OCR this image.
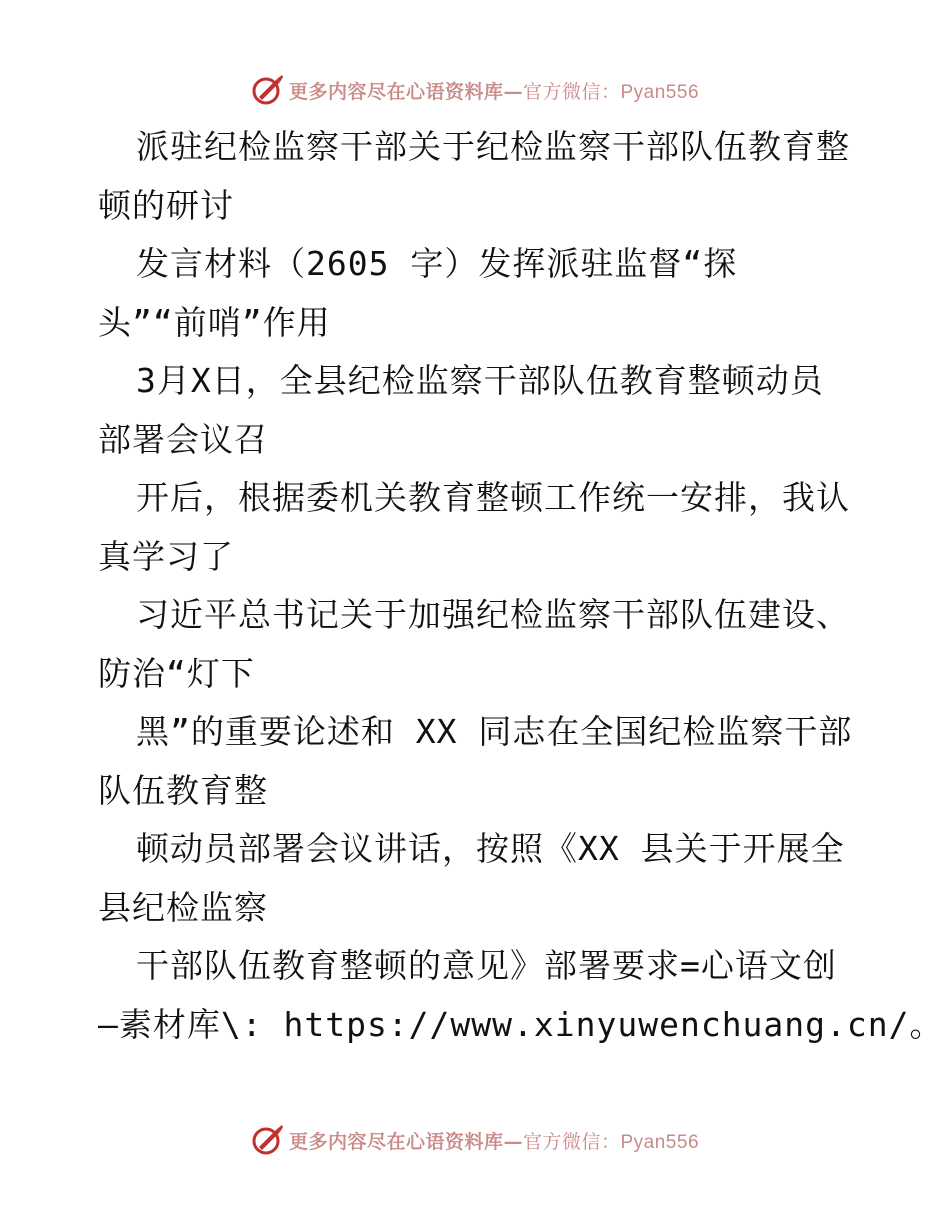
更多内容尽在心语资料库—官方微信：Pyan556
派驻纪检监察干部关于纪检监察干部队伍教育整
顿的研讨
发言材料（2605 字）发挥派驻监督“探
头”“前哨”作用
3月X日，全县纪检监察干部队伍教育整顿动员
部署会议召
开后，根据委机关教育整顿工作统一安排，我认
真学习了
习近平总书记关于加强纪检监察干部队伍建设、
防治“灯下
黑”的重要论述和 XX 同志在全国纪检监察干部
队伍教育整
顿动员部署会议讲话，按照《XX 县关于开展全
县纪检监察
干部队伍教育整顿的意见》部署要求=心语文创
—素材库\: https://www.xinyuwenchuang.cn/。
更多内容尽在心语资料库—官方微信：Pyan556
